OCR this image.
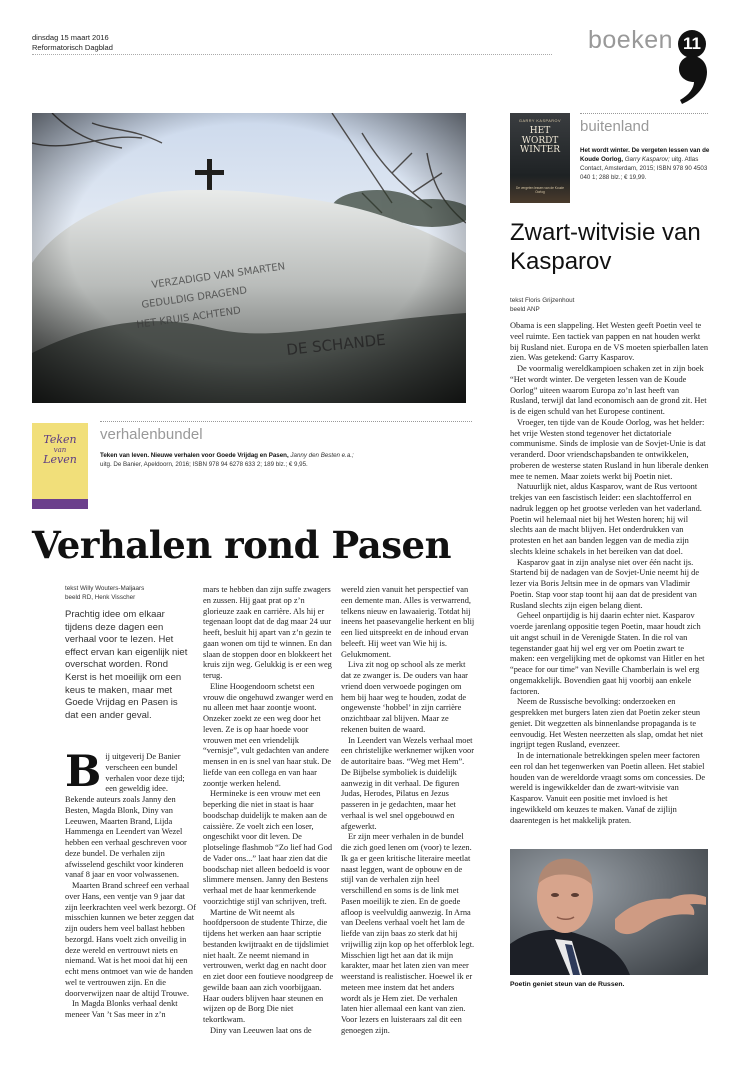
dinsdag 15 maart 2016
Reformatorisch Dagblad	boeken 11
Teken
van
Leven
verhalenbundel
Teken van leven. Nieuwe verhalen voor Goede Vrijdag en Pasen, Janny den Besten e.a.;
uitg. De Banier, Apeldoorn, 2016; ISBN 978 94 6278 633 2; 189 blz.; € 9,95.
Verhalen rond Pasen
tekst Willy Wouters-Maljaars
beeld RD, Henk Visscher
Prachtig idee om elkaar tijdens deze dagen een verhaal voor te lezen. Het effect ervan kan eigenlijk niet overschat worden. Rond Kerst is het moeilijk om een keus te maken, maar met Goede Vrijdag en Pasen is dat een ander geval.

Bij uitgeverij De Banier verscheen een bundel verhalen voor deze tijd; een geweldig idee. Bekende auteurs zoals Janny den Besten, Magda Blonk, Diny van Leeuwen, Maarten Brand, Lijda Hammenga en Leendert van Wezel hebben een verhaal geschreven voor deze bundel. De verhalen zijn afwisselend geschikt voor kinderen vanaf 8 jaar en voor volwassenen.

Maarten Brand schreef een verhaal over Hans, een ventje van 9 jaar dat zijn leerkrachten veel werk bezorgt. Of misschien kunnen we beter zeggen dat zijn ouders hem veel ballast hebben bezorgd. Hans voelt zich onveilig in deze wereld en vertrouwt niets en niemand. Wat is het mooi dat hij een echt mens ontmoet van wie de handen wel te vertrouwen zijn. En die doorverwijzen naar de altijd Trouwe.

In Magda Blonks verhaal denkt meneer Van ’t Sas meer in z’n

mars te hebben dan zijn suffe zwagers en zussen. Hij gaat prat op z’n glorieuze zaak en carrière. Als hij er tegenaan loopt dat de dag maar 24 uur heeft, besluit hij apart van z’n gezin te gaan wonen om tijd te winnen. En dan slaan de stoppen door en blokkeert het kruis zijn weg. Gelukkig is er een weg terug.

Eline Hoogendoorn schetst een vrouw die ongehuwd zwanger werd en nu alleen met haar zoontje woont. Onzeker zoekt ze een weg door het leven. Ze is op haar hoede voor vrouwen met een vriendelijk “vernisje”, vult gedachten van andere mensen in en is snel van haar stuk. De liefde van een collega en van haar zoontje werken helend.

Hermineke is een vrouw met een beperking die niet in staat is haar boodschap duidelijk te maken aan de caissière. Ze voelt zich een loser, ongeschikt voor dit leven. De plotselinge flashmob “Zo lief had God de Vader ons...” laat haar zien dat die boodschap niet alleen bedoeld is voor slimmere mensen. Janny den Bestens verhaal met de haar kenmerkende voorzichtige stijl van schrijven, treft.

Martine de Wit neemt als hoofdpersoon de studente Thirze, die tijdens het werken aan haar scriptie bestanden kwijtraakt en de tijdslimiet niet haalt. Ze neemt niemand in vertrouwen, werkt dag en nacht door en ziet door een foutieve noodgreep de gewilde baan aan zich voorbijgaan. Haar ouders blijven haar steunen en wijzen op de Borg Die niet tekortkwam.

Diny van Leeuwen laat ons de

wereld zien vanuit het perspectief van een demente man. Alles is verwarrend, telkens nieuw en lawaaierig. Totdat hij ineens het paasevangelie herkent en blij een lied uitspreekt en de inhoud ervan beleeft. Hij weet van Wie hij is. Gelukmoment.

Liva zit nog op school als ze merkt dat ze zwanger is. De ouders van haar vriend doen verwoede pogingen om hem bij haar weg te houden, zodat de ongewenste ‘hobbel’ in zijn carrière onzichtbaar zal blijven. Maar ze rekenen buiten de waard.

In Leendert van Wezels verhaal moet een christelijke werknemer wijken voor de autoritaire baas. “Weg met Hem”. De Bijbelse symboliek is duidelijk aanwezig in dit verhaal. De figuren Judas, Herodes, Pilatus en Jezus passeren in je gedachten, maar het verhaal is wel snel opgebouwd en afgewerkt.

Er zijn meer verhalen in de bundel die zich goed lenen om (voor) te lezen. Ik ga er geen kritische literaire meetlat naast leggen, want de opbouw en de stijl van de verhalen zijn heel verschillend en soms is de link met Pasen moeilijk te zien. En de goede afloop is veelvuldig aanwezig. In Arna van Deelens verhaal voelt het lam de liefde van zijn baas zo sterk dat hij vrijwillig zijn kop op het offerblok legt. Misschien ligt het aan dat ik mijn karakter, maar het laten zien van meer weerstand is realistischer. Hoewel ik er meteen mee instem dat het anders wordt als je Hem ziet. De verhalen laten hier allemaal een kant van zien. Voor lezers en luisteraars zal dit een genoegen zijn.

GARRY KASPAROV
HET WORDT WINTER
De vergeten lessen van de Koude Oorlog
buitenland
Het wordt winter. De vergeten lessen van de Koude Oorlog, Garry Kasparov; uitg. Atlas Contact, Amsterdam, 2015; ISBN 978 90 4503 040 1; 288 blz.; € 19,99.
Zwart-witvisie van Kasparov
tekst Floris Grijzenhout
beeld ANP

Obama is een slappeling. Het Westen geeft Poetin veel te veel ruimte. Een tactiek van pappen en nat houden werkt bij Rusland niet. Europa en de VS moeten spierballen laten zien. Was getekend: Garry Kasparov.

De voormalig wereldkampioen schaken zet in zijn boek “Het wordt winter. De vergeten lessen van de Koude Oorlog” uiteen waarom Europa zo’n last heeft van Rusland, terwijl dat land economisch aan de grond zit. Het is de eigen schuld van het Europese continent.

Vroeger, ten tijde van de Koude Oorlog, was het helder: het vrije Westen stond tegenover het dictatoriale communisme. Sinds de implosie van de Sovjet-Unie is dat veranderd. Door vriendschapsbanden te ontwikkelen, proberen de westerse staten Rusland in hun liberale denken mee te nemen. Maar zoiets werkt bij Poetin niet.

Natuurlijk niet, aldus Kasparov, want de Rus vertoont trekjes van een fascistisch leider: een slachtofferrol en nadruk leggen op het grootse verleden van het vaderland. Poetin wil helemaal niet bij het Westen horen; hij wil slechts aan de macht blijven. Het onderdrukken van protesten en het aan banden leggen van de media zijn slechts kleine schakels in het bereiken van dat doel.

Kasparov gaat in zijn analyse niet over één nacht ijs. Startend bij de nadagen van de Sovjet-Unie neemt hij de lezer via Boris Jeltsin mee in de opmars van Vladimir Poetin. Stap voor stap toont hij aan dat de president van Rusland slechts zijn eigen belang dient.

Geheel onpartijdig is hij daarin echter niet. Kasparov voerde jarenlang oppositie tegen Poetin, maar houdt zich uit angst schuil in de Verenigde Staten. In die rol van tegenstander gaat hij wel erg ver om Poetin zwart te maken: een vergelijking met de opkomst van Hitler en het “peace for our time” van Neville Chamberlain is wel erg ongemakkelijk. Bovendien gaat hij voorbij aan enkele factoren.

Neem de Russische bevolking: onderzoeken en gesprekken met burgers laten zien dat Poetin zeker steun geniet. Dit wegzetten als binnenlandse propaganda is te eenvoudig. Het Westen neerzetten als slap, omdat het niet ingrijpt tegen Rusland, evenzeer.

In de internationale betrekkingen spelen meer factoren een rol dan het tegenwerken van Poetin alleen. Het stabiel houden van de wereldorde vraagt soms om concessies. De wereld is ingewikkelder dan de zwart-witvisie van Kasparov. Vanuit een positie met invloed is het ingewikkeld om keuzes te maken. Vanaf de zijlijn daarentegen is het makkelijk praten.

Poetin geniet steun van de Russen.
